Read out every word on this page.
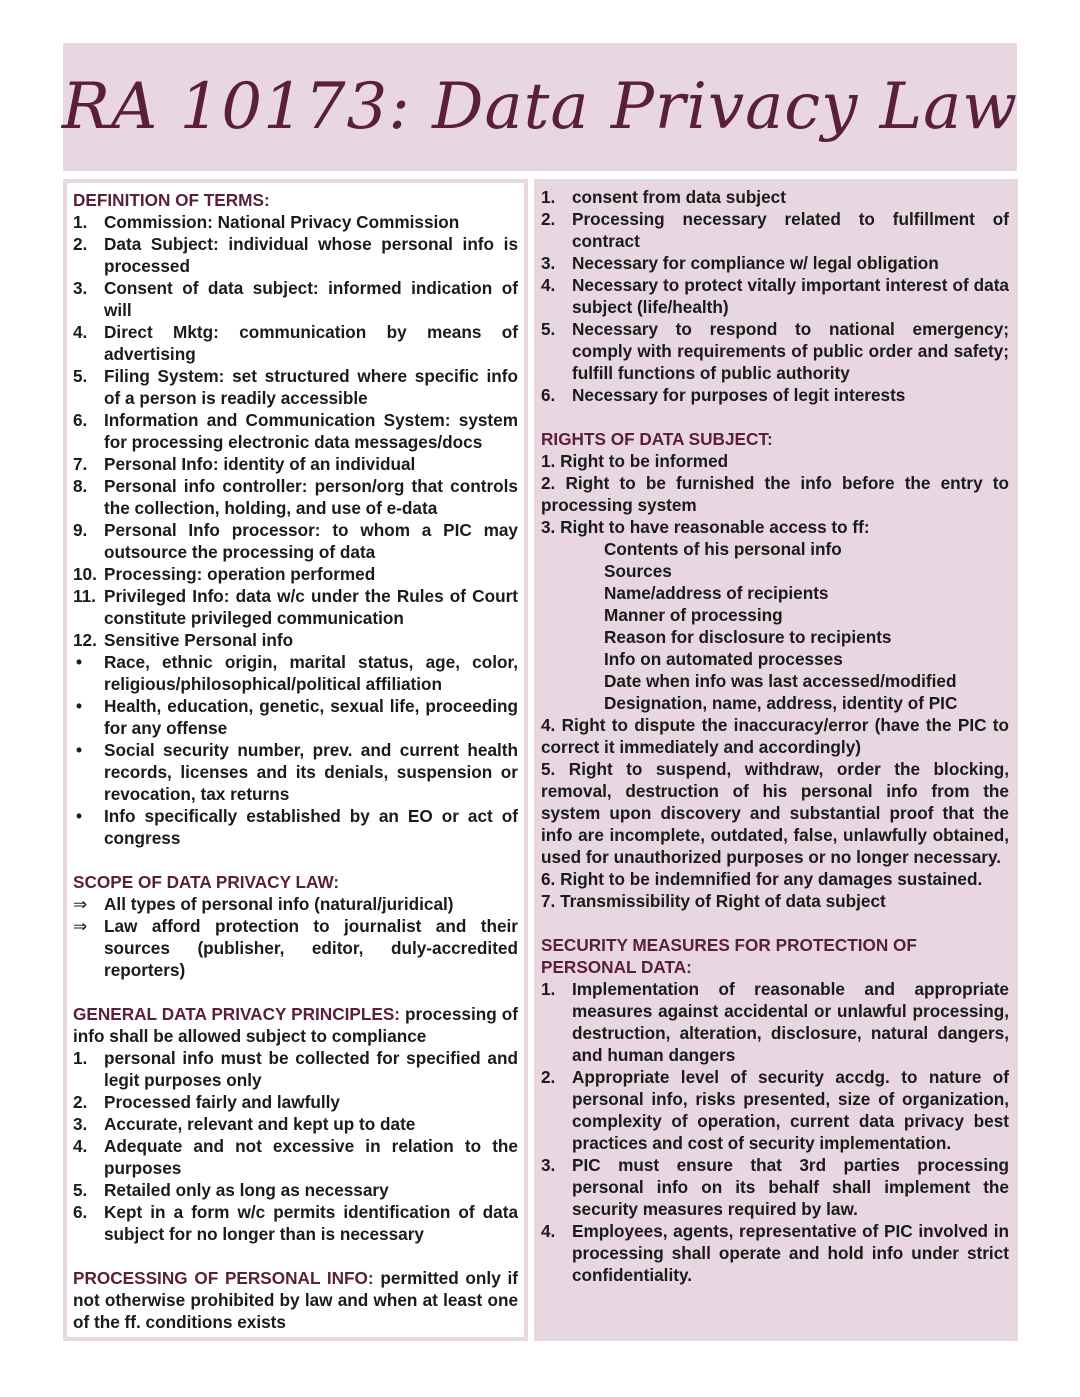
RA 10173: Data Privacy Law

DEFINITION OF TERMS:

1. Commission: National Privacy Commission
2. Data Subject: individual whose personal info is processed
3. Consent of data subject: informed indication of will
4. Direct Mktg: communication by means of advertising
5. Filing System: set structured where specific info of a person is readily accessible
6. Information and Communication System: system for processing electronic data messages/docs
7. Personal Info: identity of an individual
8. Personal info controller: person/org that controls the collection, holding, and use of e-data
9. Personal Info processor: to whom a PIC may outsource the processing of data
10. Processing: operation performed
11. Privileged Info: data w/c under the Rules of Court constitute privileged communication
12. Sensitive Personal info
• Race, ethnic origin, marital status, age, color, religious/philosophical/political affiliation
• Health, education, genetic, sexual life, proceeding for any offense
• Social security number, prev. and current health records, licenses and its denials, suspension or revocation, tax returns
• Info specifically established by an EO or act of congress

SCOPE OF DATA PRIVACY LAW:

⇒ All types of personal info (natural/juridical)
⇒ Law afford protection to journalist and their sources (publisher, editor, duly-accredited reporters)

GENERAL DATA PRIVACY PRINCIPLES: processing of info shall be allowed subject to compliance

1. personal info must be collected for specified and legit purposes only
2. Processed fairly and lawfully
3. Accurate, relevant and kept up to date
4. Adequate and not excessive in relation to the purposes
5. Retailed only as long as necessary
6. Kept in a form w/c permits identification of data subject for no longer than is necessary

PROCESSING OF PERSONAL INFO: permitted only if not otherwise prohibited by law and when at least one of the ff. conditions exists

1. consent from data subject
2. Processing necessary related to fulfillment of contract
3. Necessary for compliance w/ legal obligation
4. Necessary to protect vitally important interest of data subject (life/health)
5. Necessary to respond to national emergency; comply with requirements of public order and safety; fulfill functions of public authority
6. Necessary for purposes of legit interests

RIGHTS OF DATA SUBJECT:

1. Right to be informed
2. Right to be furnished the info before the entry to processing system
3. Right to have reasonable access to ff:
Contents of his personal info
Sources
Name/address of recipients
Manner of processing
Reason for disclosure to recipients
Info on automated processes
Date when info was last accessed/modified
Designation, name, address, identity of PIC
4. Right to dispute the inaccuracy/error (have the PIC to correct it immediately and accordingly)
5. Right to suspend, withdraw, order the blocking, removal, destruction of his personal info from the system upon discovery and substantial proof that the info are incomplete, outdated, false, unlawfully obtained, used for unauthorized purposes or no longer necessary.
6. Right to be indemnified for any damages sustained.
7. Transmissibility of Right of data subject

SECURITY MEASURES FOR PROTECTION OF PERSONAL DATA:

1. Implementation of reasonable and appropriate measures against accidental or unlawful processing, destruction, alteration, disclosure, natural dangers, and human dangers
2. Appropriate level of security accdg. to nature of personal info, risks presented, size of organization, complexity of operation, current data privacy best practices and cost of security implementation.
3. PIC must ensure that 3rd parties processing personal info on its behalf shall implement the security measures required by law.
4. Employees, agents, representative of PIC involved in processing shall operate and hold info under strict confidentiality.
